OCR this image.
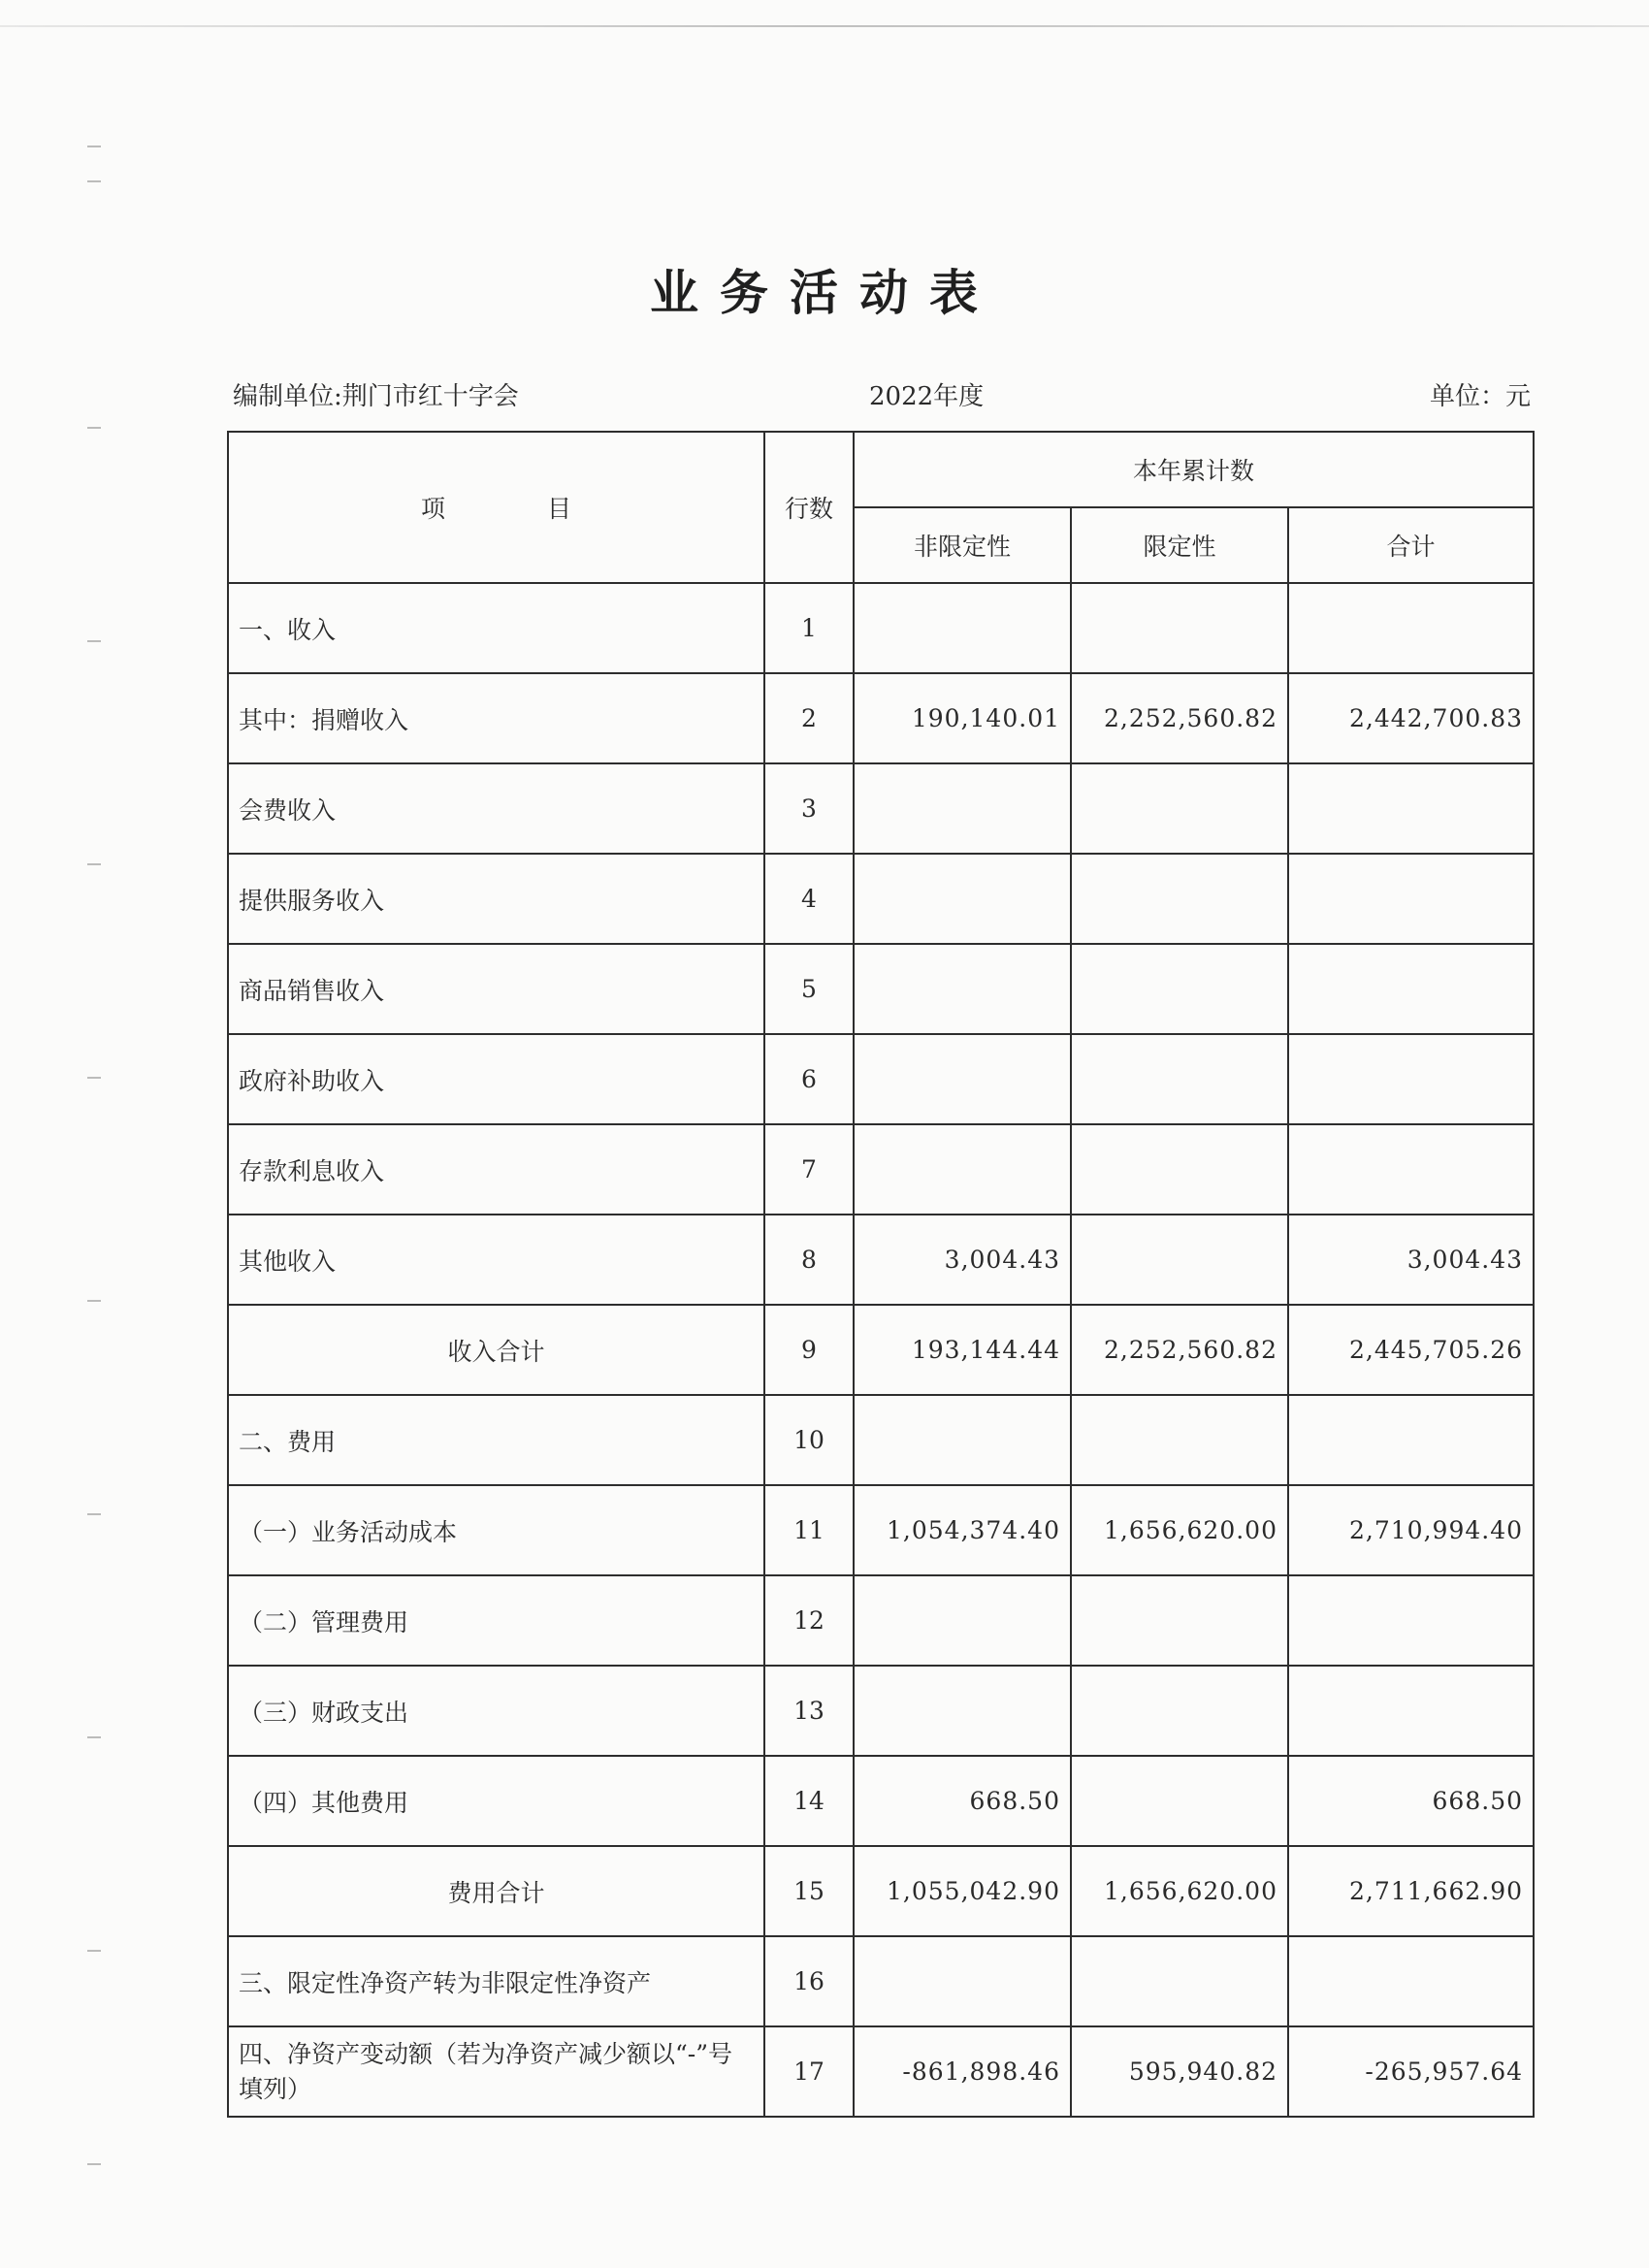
业务活动表
编制单位:荆门市红十字会	2022年度	单位：元
项　目	行数	本年累计数		
		非限定性	限定性	合计
一、收入	1			
其中：捐赠收入	2	190,140.01	2,252,560.82	2,442,700.83
会费收入	3			
提供服务收入	4			
商品销售收入	5			
政府补助收入	6			
存款利息收入	7			
其他收入	8	3,004.43		3,004.43
收入合计	9	193,144.44	2,252,560.82	2,445,705.26
二、费用	10			
（一）业务活动成本	11	1,054,374.40	1,656,620.00	2,710,994.40
（二）管理费用	12			
（三）财政支出	13			
（四）其他费用	14	668.50		668.50
费用合计	15	1,055,042.90	1,656,620.00	2,711,662.90
三、限定性净资产转为非限定性净资产	16			
四、净资产变动额（若为净资产减少额以“-”号填列）	17	-861,898.46	595,940.82	-265,957.64
